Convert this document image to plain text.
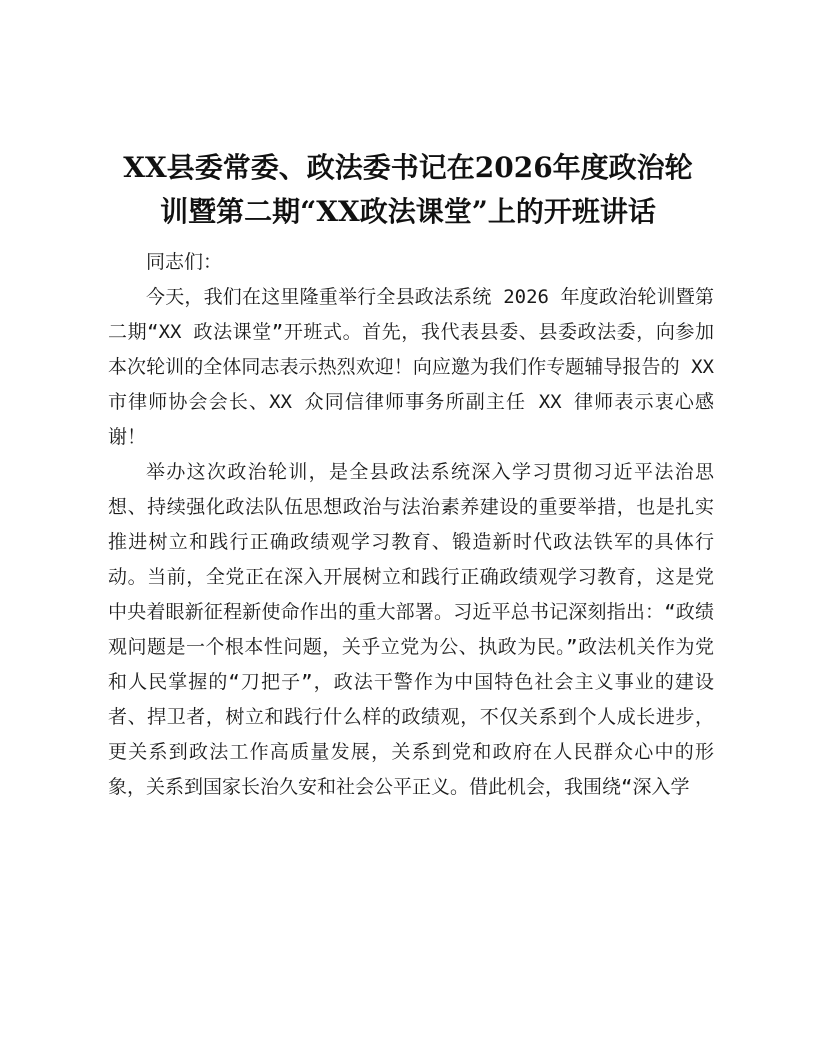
XX县委常委、政法委书记在2026年度政治轮
训暨第二期“XX政法课堂”上的开班讲话

同志们：

今天，我们在这里隆重举行全县政法系统 2026 年度政治轮训暨第二期“XX 政法课堂”开班式。首先，我代表县委、县委政法委，向参加本次轮训的全体同志表示热烈欢迎！向应邀为我们作专题辅导报告的 XX 市律师协会会长、XX 众同信律师事务所副主任 XX 律师表示衷心感谢！

举办这次政治轮训，是全县政法系统深入学习贯彻习近平法治思想、持续强化政法队伍思想政治与法治素养建设的重要举措，也是扎实推进树立和践行正确政绩观学习教育、锻造新时代政法铁军的具体行动。当前，全党正在深入开展树立和践行正确政绩观学习教育，这是党中央着眼新征程新使命作出的重大部署。习近平总书记深刻指出：“政绩观问题是一个根本性问题，关乎立党为公、执政为民。”政法机关作为党和人民掌握的“刀把子”，政法干警作为中国特色社会主义事业的建设者、捍卫者，树立和践行什么样的政绩观，不仅关系到个人成长进步，更关系到政法工作高质量发展，关系到党和政府在人民群众心中的形象，关系到国家长治久安和社会公平正义。借此机会，我围绕“深入学
